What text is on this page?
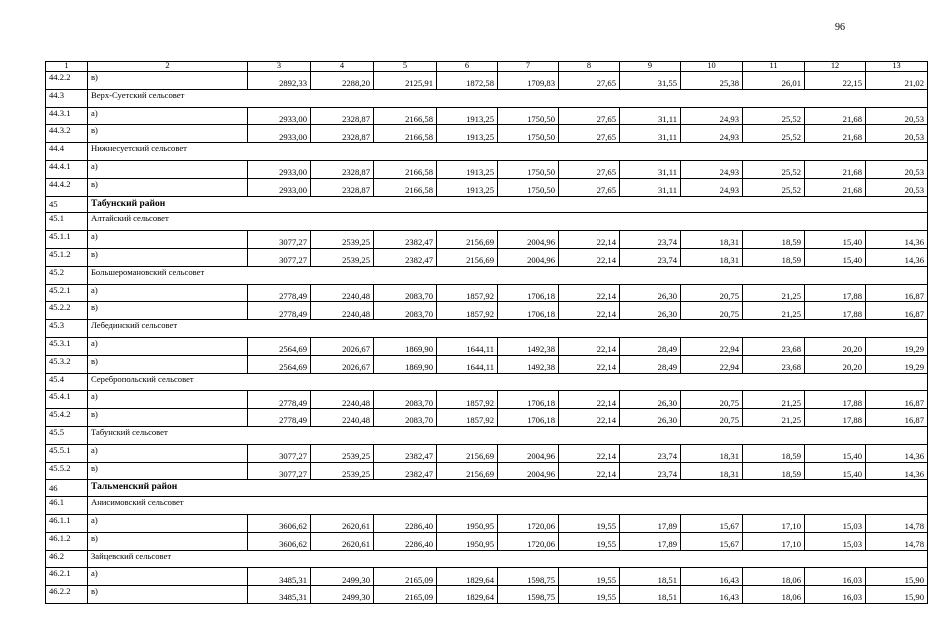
96
1	2	3	4	5	6	7	8	9	10	11	12	13
44.2.2	в)	2892,33	2288,20	2125,91	1872,58	1709,83	27,65	31,55	25,38	26,01	22,15	21,02
44.3	Верх-Суетский сельсовет											
44.3.1	а)	2933,00	2328,87	2166,58	1913,25	1750,50	27,65	31,11	24,93	25,52	21,68	20,53
44.3.2	в)	2933,00	2328,87	2166,58	1913,25	1750,50	27,65	31,11	24,93	25,52	21,68	20,53
44.4	Нижнесуетский сельсовет											
44.4.1	а)	2933,00	2328,87	2166,58	1913,25	1750,50	27,65	31,11	24,93	25,52	21,68	20,53
44.4.2	в)	2933,00	2328,87	2166,58	1913,25	1750,50	27,65	31,11	24,93	25,52	21,68	20,53
45	Табунский район											
45.1	Алтайский сельсовет											
45.1.1	а)	3077,27	2539,25	2382,47	2156,69	2004,96	22,14	23,74	18,31	18,59	15,40	14,36
45.1.2	в)	3077,27	2539,25	2382,47	2156,69	2004,96	22,14	23,74	18,31	18,59	15,40	14,36
45.2	Большеромановский сельсовет											
45.2.1	а)	2778,49	2240,48	2083,70	1857,92	1706,18	22,14	26,30	20,75	21,25	17,88	16,87
45.2.2	в)	2778,49	2240,48	2083,70	1857,92	1706,18	22,14	26,30	20,75	21,25	17,88	16,87
45.3	Лебединский сельсовет											
45.3.1	а)	2564,69	2026,67	1869,90	1644,11	1492,38	22,14	28,49	22,94	23,68	20,20	19,29
45.3.2	в)	2564,69	2026,67	1869,90	1644,11	1492,38	22,14	28,49	22,94	23,68	20,20	19,29
45.4	Серебропольский сельсовет											
45.4.1	а)	2778,49	2240,48	2083,70	1857,92	1706,18	22,14	26,30	20,75	21,25	17,88	16,87
45.4.2	в)	2778,49	2240,48	2083,70	1857,92	1706,18	22,14	26,30	20,75	21,25	17,88	16,87
45.5	Табунский сельсовет											
45.5.1	а)	3077,27	2539,25	2382,47	2156,69	2004,96	22,14	23,74	18,31	18,59	15,40	14,36
45.5.2	в)	3077,27	2539,25	2382,47	2156,69	2004,96	22,14	23,74	18,31	18,59	15,40	14,36
46	Тальменский район											
46.1	Анисимовский сельсовет											
46.1.1	а)	3606,62	2620,61	2286,40	1950,95	1720,06	19,55	17,89	15,67	17,10	15,03	14,78
46.1.2	в)	3606,62	2620,61	2286,40	1950,95	1720,06	19,55	17,89	15,67	17,10	15,03	14,78
46.2	Зайцевский сельсовет											
46.2.1	а)	3485,31	2499,30	2165,09	1829,64	1598,75	19,55	18,51	16,43	18,06	16,03	15,90
46.2.2	в)	3485,31	2499,30	2165,09	1829,64	1598,75	19,55	18,51	16,43	18,06	16,03	15,90
